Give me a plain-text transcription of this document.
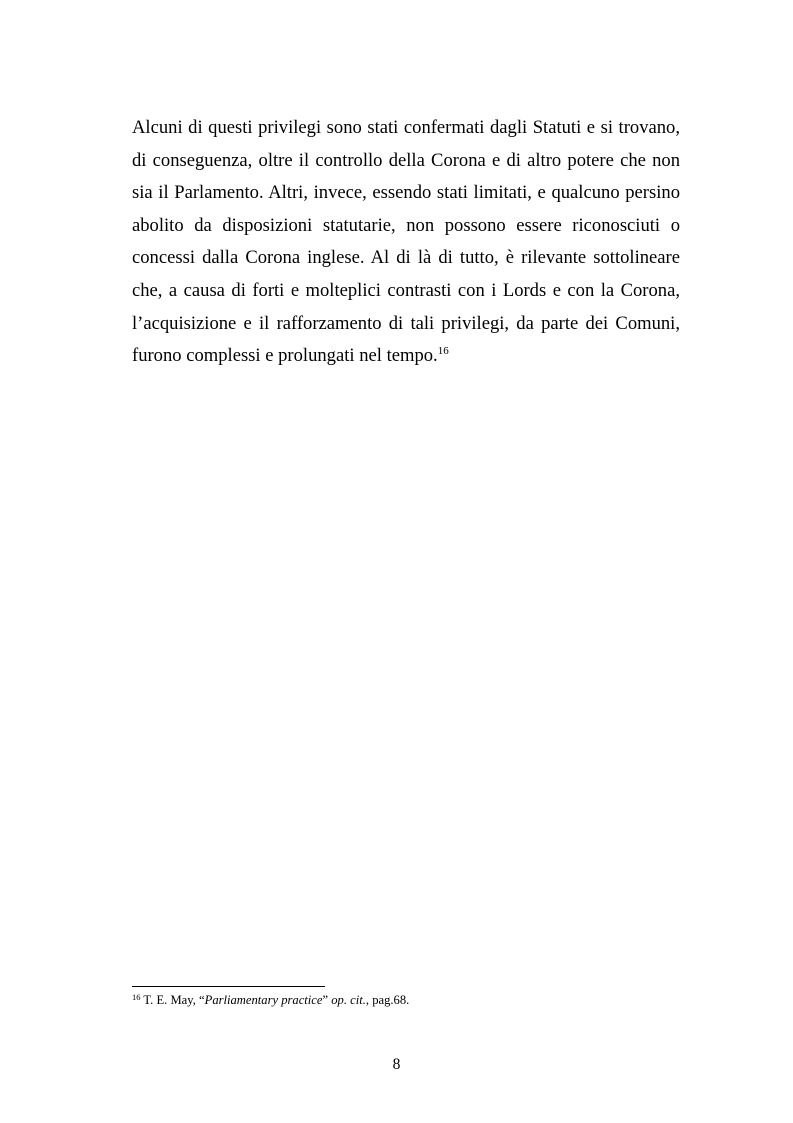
Alcuni di questi privilegi sono stati confermati dagli Statuti e si trovano,
di conseguenza, oltre il controllo della Corona e di altro potere che non
sia il Parlamento. Altri, invece, essendo stati limitati, e qualcuno persino
abolito da disposizioni statutarie, non possono essere riconosciuti o
concessi dalla Corona inglese. Al di là di tutto, è rilevante sottolineare
che, a causa di forti e molteplici contrasti con i Lords e con la Corona,
l’acquisizione e il rafforzamento di tali privilegi, da parte dei Comuni,
furono complessi e prolungati nel tempo.$^{16}$
$^{16}$ T. E. May, “Parliamentary practice” op. cit., pag.68.
8
